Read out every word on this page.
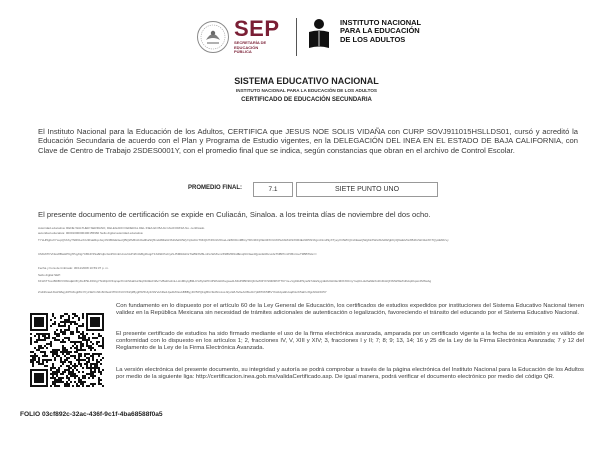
SEP
SECRETARÍA DE EDUCACIÓN PÚBLICA
INSTITUTO NACIONAL PARA LA EDUCACIÓN DE LOS ADULTOS
SISTEMA EDUCATIVO NACIONAL
INSTITUTO NACIONAL PARA LA EDUCACIÓN DE LOS ADULTOS
CERTIFICADO DE EDUCACIÓN SECUNDARIA
El Instituto Nacional para la Educación de los Adultos, CERTIFICA que JESUS NOE SOLIS VIDAÑA con CURP SOVJ911015HSLLDS01, cursó y acreditó la Educación Secundaria de acuerdo con el Plan y Programa de Estudio vigentes, en la DELEGACIÓN DEL INEA EN EL ESTADO DE BAJA CALIFORNIA, con Clave de Centro de Trabajo 2SDES0001Y, con el promedio final que se indica, según constancias que obran en el archivo de Control Escolar.
PROMEDIO FINAL:	7.1	SIETE PUNTO UNO
El presente documento de certificación se expide en Culiacán, Sinaloa. a los treinta días de noviembre del dos ocho.
Autoridad educativa: RENE WALTHER SERRANO, DELEGADO FEDERAL DEL INEA EN BAJA CALIFORNIA No. certificado
autoridad educativa: 00001000000400155960 Sello digital autoridad educativa:
TYsHI5gbsXYxepQhXAyTNR61eXrH3FakRqcJwyzN3BtGE3eoQBQWvBrAbOa0KaSQ5mdd8ZaGNS1MeKRWy7q3oDmT9KQb7NhN1h/FGeLcE5KIDn4lBGyTDhr3hFjrhEi3ZXOUiXPtubbMnbSX6R4Ec9D5hNXgm01mZ9yXTyeyXr3WFQCxhEasQWgKkXWwXkhd6ZgbKjrQ9wEiv5sXB4KcWc3ukXhTQyAE6Krvy
CMG6TFVNwx8BwHP9g7PqyDg7CB1IP4Sa8rGjbcGs35UmbUnxuNsPnfh4GBg3GqpT1XdfkhPwCyZLJ5MRdsDsTIeB9XM6LnZxvWs6vmr6SBfZ9hbdfExqhIC3ae4QpsnEt3bcuvfeTNBPhmPzBnrmeT9BBTl2e==
Fecha y hora de timbrado: 30/11/2008 10:59:37 p. m.
Sello digital SEP:
KFHhT7sxxBDBVV4SGqECfFyfGJP9LFRztgYNnlDp0VFqcqeXhmhSbaFHcfkqX1fdEcNfAcYvBwRu4mLLHnMbyigB9LCVZlyGiPF4PWHHVAvgwedLMGP0BK9KQb3vZ0lIYFS9lR3PrPT9Yrre+Vg02HP9ysZk7d2aSyg1E3L6HCEc9DKXbhnyYsqlCLdulhaNEXs9C4bHQNSIWXEZ/dhdq1KqwcJMSwbg
Zn4ithraaJJGsIS8ejyfcP6JfogfZGYfryz3krfmh6v6ObusNTKDXUVVKZpfBygP6z5Uly4r9hrVehRe2JpeDZ3ssABBByyDV5PQ1tgBUzIkdNm1uxJ2yoWL5v6eAO8LAbYpRPKfb5lBVYbs0Apa9UsqdNurK5aFUJfgrAl9dz9z5Y
Con fundamento en lo dispuesto por el artículo 60 de la Ley General de Educación, los certificados de estudios expedidos por instituciones del Sistema Educativo Nacional tienen validez en la República Mexicana sin necesidad de trámites adicionales de autenticación o legalización, favoreciendo el tránsito del educando por el Sistema Educativo Nacional.
El presente certificado de estudios ha sido firmado mediante el uso de la firma electrónica avanzada, amparada por un certificado vigente a la fecha de su emisión y es válido de conformidad con lo dispuesto en los artículos 1; 2, fracciones IV, V, XIII y XIV; 3, fracciones I y II; 7; 8; 9; 13, 14; 16 y 25 de la Ley de la Firma Electrónica Avanzada; 7 y 12 del Reglamento de la Ley de la Firma Electrónica Avanzada.
La versión electrónica del presente documento, su integridad y autoría se podrá comprobar a través de la página electrónica del Instituto Nacional para la Educación de los Adultos por medio de la siguiente liga: http://certificacion.inea.gob.mx/validaCertificado.asp. De igual manera, podrá verificar el documento electrónico por medio del código QR.
FOLIO 03cf892c-32ac-436f-9c1f-4ba68588f0a5
